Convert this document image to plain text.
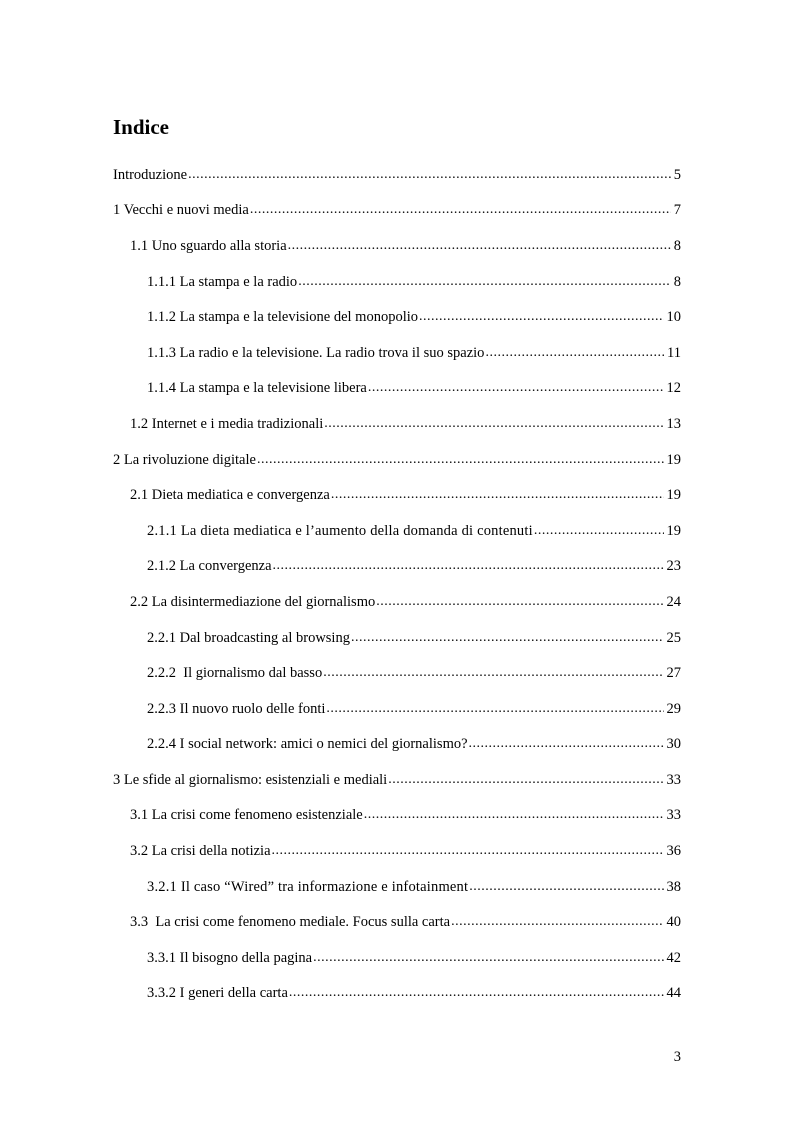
Indice
Introduzione .....	5
1 Vecchi e nuovi media .....	7
1.1 Uno sguardo alla storia .....	8
1.1.1 La stampa e la radio .....	8
1.1.2 La stampa e la televisione del monopolio .....	10
1.1.3 La radio e la televisione. La radio trova il suo spazio .....	11
1.1.4 La stampa e la televisione libera .....	12
1.2 Internet e i media tradizionali .....	13
2 La rivoluzione digitale .....	19
2.1 Dieta mediatica e convergenza .....	19
2.1.1 La dieta mediatica e l’aumento della domanda di contenuti .....	19
2.1.2 La convergenza .....	23
2.2 La disintermediazione del giornalismo .....	24
2.2.1 Dal broadcasting al browsing .....	25
2.2.2  Il giornalismo dal basso .....	27
2.2.3 Il nuovo ruolo delle fonti .....	29
2.2.4 I social network: amici o nemici del giornalismo? .....	30
3 Le sfide al giornalismo: esistenziali e mediali .....	33
3.1 La crisi come fenomeno esistenziale .....	33
3.2 La crisi della notizia .....	36
3.2.1 Il caso “Wired” tra informazione e infotainment .....	38
3.3  La crisi come fenomeno mediale. Focus sulla carta .....	40
3.3.1 Il bisogno della pagina .....	42
3.3.2 I generi della carta .....	44
3
